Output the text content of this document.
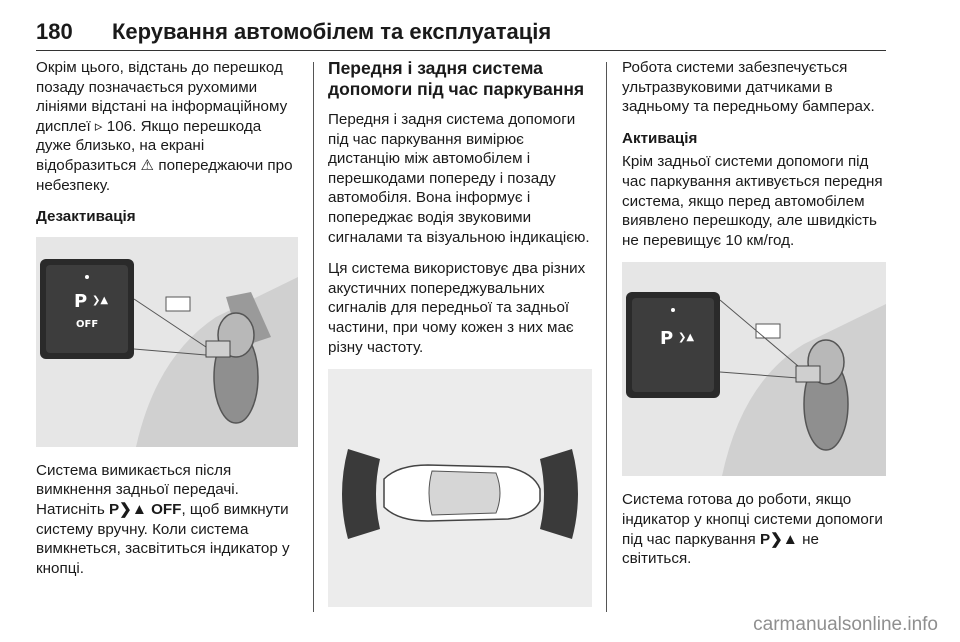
180 Керування автомобілем та експлуатація

Окрім цього, відстань до перешкод позаду позначається рухомими лініями відстані на інформаційному дисплеї ▹ 106. Якщо перешкода дуже близько, на екрані відобразиться ⚠ попереджаючи про небезпеку.

Дезактивація
P ❯▲
OFF

Система вимикається після вимкнення задньої передачі. Натисніть P❯▲ OFF, щоб вимкнути систему вручну. Коли система вимкнеться, засвітиться індикатор у кнопці.

Передня і задня система допомоги під час паркування

Передня і задня система допомоги під час паркування вимірює дистанцію між автомобілем і перешкодами попереду і позаду автомобіля. Вона інформує і попереджає водія звуковими сигналами та візуальною індикацією.

Ця система використовує два різних акустичних попереджувальних сигналів для передньої та задньої частини, при чому кожен з них має різну частоту.

Робота системи забезпечується ультразвуковими датчиками в задньому та передньому бамперах.

Активація

Крім задньої системи допомоги під час паркування активується передня система, якщо перед автомобілем виявлено перешкоду, але швидкість не перевищує 10 км/год.

P ❯▲

Система готова до роботи, якщо індикатор у кнопці системи допомоги під час паркування P❯▲ не світиться.

carmanualsonline.info
